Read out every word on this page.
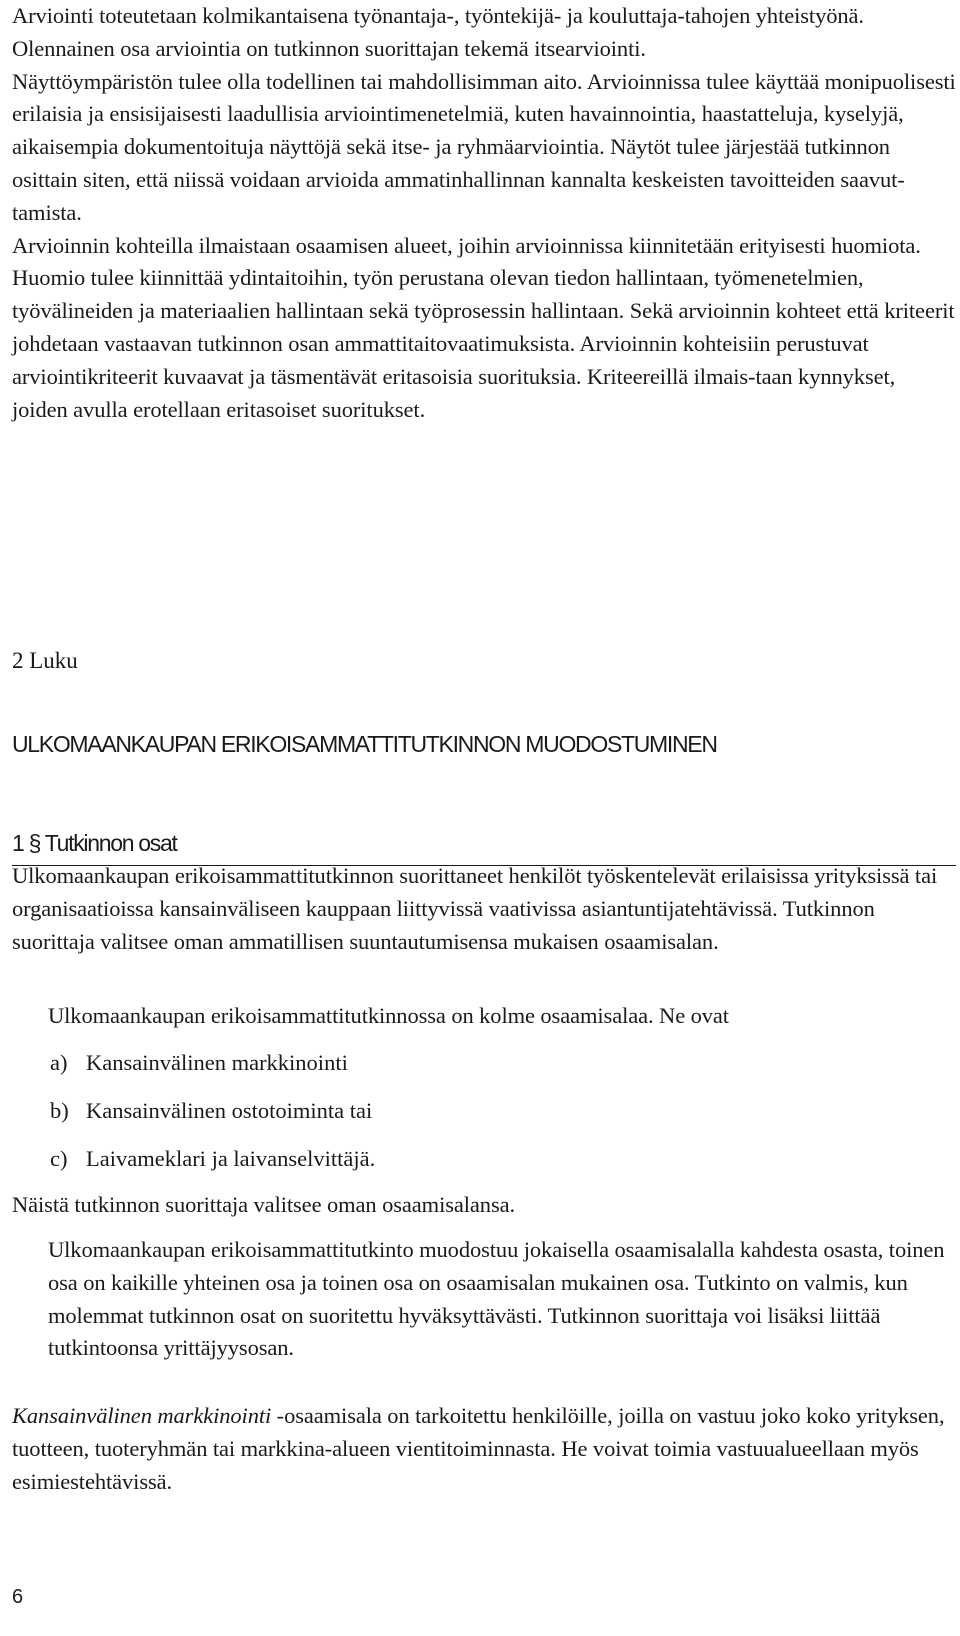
Arviointi toteutetaan kolmikantaisena työnantaja-, työntekijä- ja kouluttaja-tahojen yhteistyönä. Olennainen osa arviointia on tutkinnon suorittajan tekemä itsearviointi.

Näyttöympäristön tulee olla todellinen tai mahdollisimman aito. Arvioinnissa tulee käyttää monipuolisesti erilaisia ja ensisijaisesti laadullisia arviointimenetelmiä, kuten havainnointia, haastatteluja, kyselyjä, aikaisempia dokumentoituja näyttöjä sekä itse- ja ryhmäarviointia. Näytöt tulee järjestää tutkinnon osittain siten, että niissä voidaan arvioida ammatinhallinnan kannalta keskeisten tavoitteiden saavut-tamista.

Arvioinnin kohteilla ilmaistaan osaamisen alueet, joihin arvioinnissa kiinnitetään erityisesti huomiota. Huomio tulee kiinnittää ydintaitoihin, työn perustana olevan tiedon hallintaan, työmenetelmien, työvälineiden ja materiaalien hallintaan sekä työprosessin hallintaan. Sekä arvioinnin kohteet että kriteerit johdetaan vastaavan tutkinnon osan ammattitaitovaatimuksista. Arvioinnin kohteisiin perustuvat arviointikriteerit kuvaavat ja täsmentävät eritasoisia suorituksia. Kriteereillä ilmais-taan kynnykset, joiden avulla erotellaan eritasoiset suoritukset.

2 Luku

ULKOMAANKAUPAN ERIKOISAMMATTITUTKINNON MUODOSTUMINEN
1 § Tutkinnon osat

Ulkomaankaupan erikoisammattitutkinnon suorittaneet henkilöt työskentelevät erilaisissa yrityksissä tai organisaatioissa kansainväliseen kauppaan liittyvissä vaativissa asiantuntijatehtävissä. Tutkinnon suorittaja valitsee oman ammatillisen suuntautumisensa mukaisen osaamisalan.

Ulkomaankaupan erikoisammattitutkinnossa on kolme osaamisalaa. Ne ovat

a) Kansainvälinen markkinointi

b) Kansainvälinen ostotoiminta tai

c) Laivameklari ja laivanselvittäjä.

Näistä tutkinnon suorittaja valitsee oman osaamisalansa.

Ulkomaankaupan erikoisammattitutkinto muodostuu jokaisella osaamisalalla kahdesta osasta, toinen osa on kaikille yhteinen osa ja toinen osa on osaamisalan mukainen osa. Tutkinto on valmis, kun molemmat tutkinnon osat on suoritettu hyväksyttävästi. Tutkinnon suorittaja voi lisäksi liittää tutkintoonsa yrittäjyysosan.

Kansainvälinen markkinointi -osaamisala on tarkoitettu henkilöille, joilla on vastuu joko koko yrityksen, tuotteen, tuoteryhmän tai markkina-alueen vientitoiminnasta. He voivat toimia vastuualueellaan myös esimiestehtävissä.

6
